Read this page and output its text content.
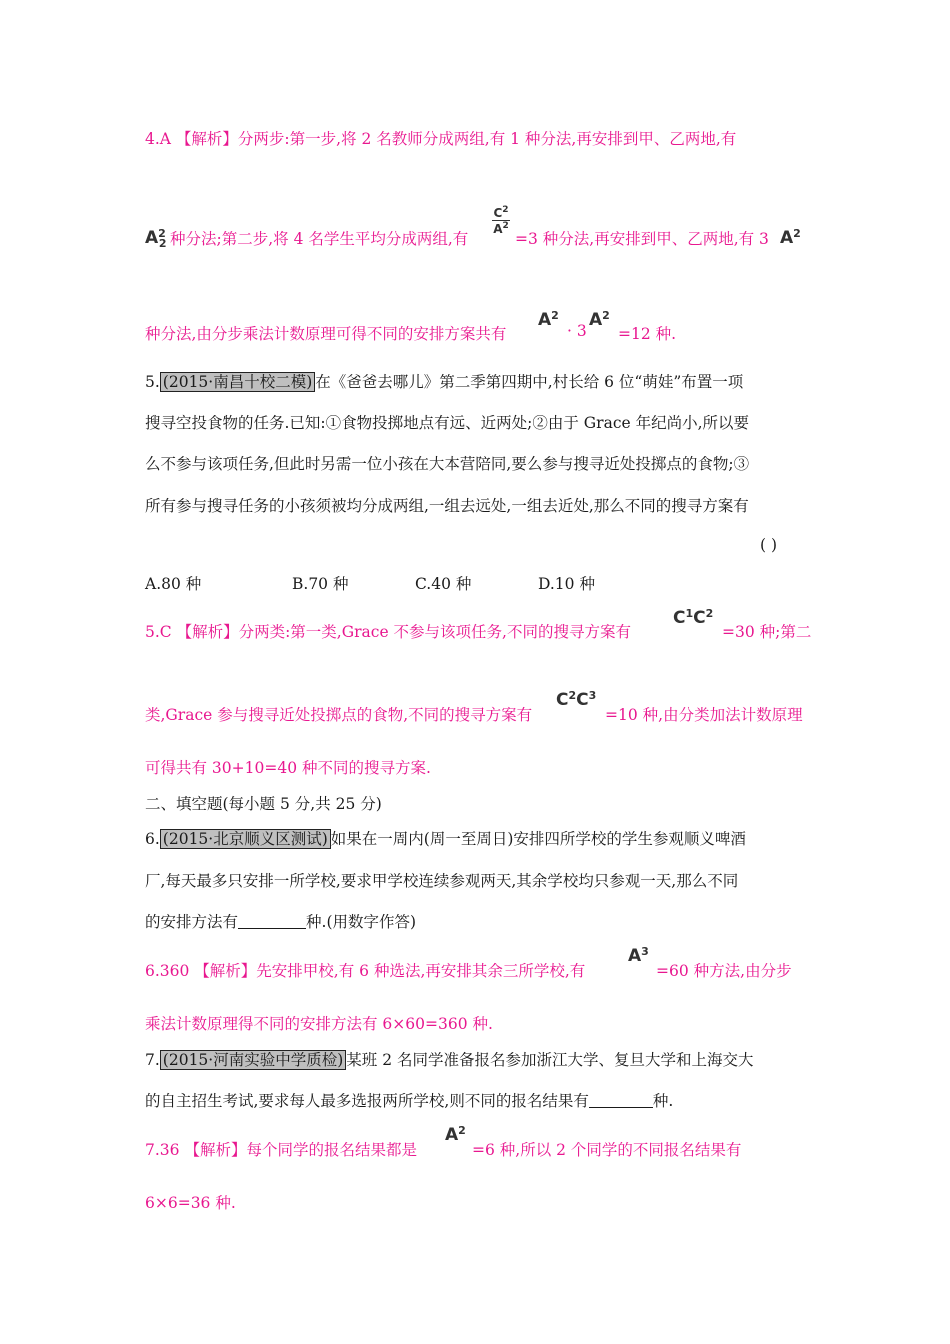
4.A 【解析】分两步:第一步,将 2 名教师分成两组,有 1 种分法,再安排到甲、乙两地,有
$A^2_2$ 种分法;第二步,将 4 名学生平均分成两组,有
$C^2$
$A^2$
=3 种分法,再安排到甲、乙两地,有 3 $A^2$
种分法,由分步乘法计数原理可得不同的安排方案共有
$A^2$
· 3
$A^2$
=12 种.
5. (2015·南昌十校二模) 在《爸爸去哪儿》第二季第四期中,村长给 6 位“萌娃”布置一项
搜寻空投食物的任务.已知:①食物投掷地点有远、近两处;②由于 Grace 年纪尚小,所以要
么不参与该项任务,但此时另需一位小孩在大本营陪同,要么参与搜寻近处投掷点的食物;③
所有参与搜寻任务的小孩须被均分成两组,一组去远处,一组去近处,那么不同的搜寻方案有
( )
A.80 种	B.70 种	C.40 种	D.10 种
5.C 【解析】分两类:第一类,Grace 不参与该项任务,不同的搜寻方案有
$C^1C^2$
=30 种;第二
类,Grace 参与搜寻近处投掷点的食物,不同的搜寻方案有
$C^2C^3$
=10 种,由分类加法计数原理
可得共有 30+10=40 种不同的搜寻方案.
二、填空题(每小题 5 分,共 25 分)
6. (2015·北京顺义区测试) 如果在一周内(周一至周日)安排四所学校的学生参观顺义啤酒
厂,每天最多只安排一所学校,要求甲学校连续参观两天,其余学校均只参观一天,那么不同
的安排方法有	种.(用数字作答)
6.360 【解析】先安排甲校,有 6 种选法,再安排其余三所学校,有
$A^3$
=60 种方法,由分步
乘法计数原理得不同的安排方法有 6×60=360 种.
7. (2015·河南实验中学质检) 某班 2 名同学准备报名参加浙江大学、复旦大学和上海交大
的自主招生考试,要求每人最多选报两所学校,则不同的报名结果有	种.
7.36 【解析】每个同学的报名结果都是
$A^2$
=6 种,所以 2 个同学的不同报名结果有
6×6=36 种.
